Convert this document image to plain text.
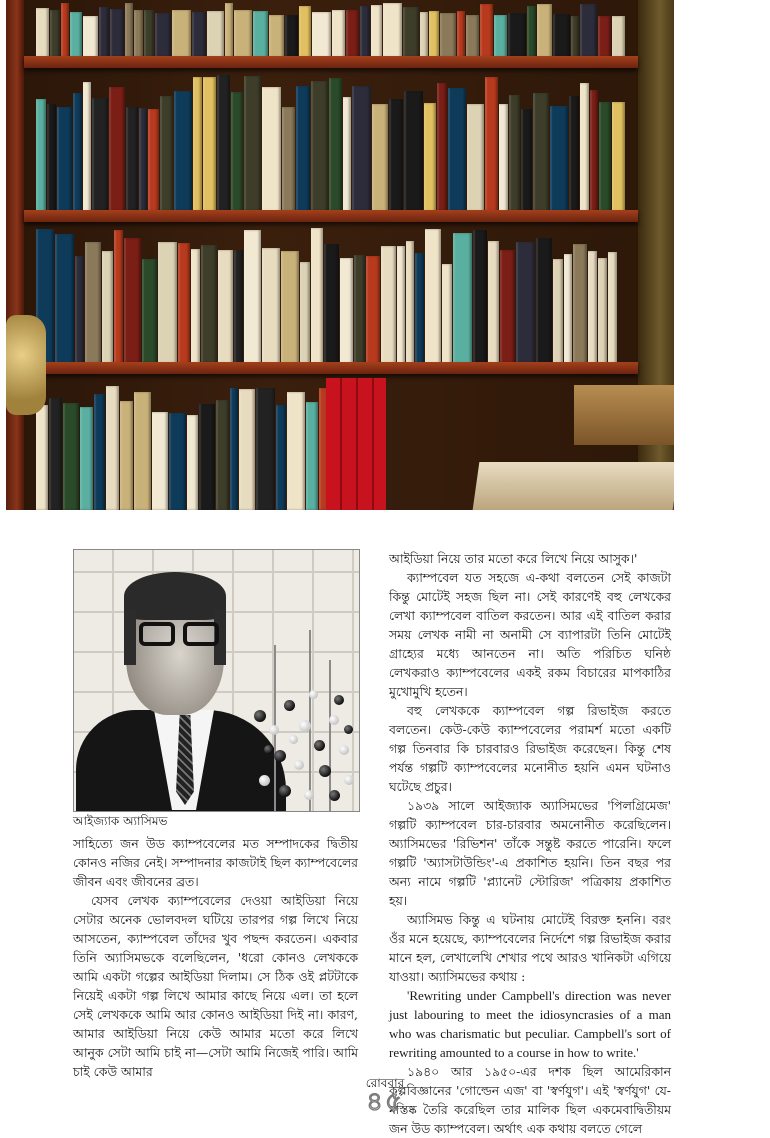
আইজ্যাক অ্যাসিমভ

সাহিত্যে জন উড ক্যাম্পবেলের মত সম্পাদকের দ্বিতীয় কোনও নজির নেই। সম্পাদনার কাজটাই ছিল ক্যাম্পবেলের জীবন এবং জীবনের ব্রত।

যেসব লেখক ক্যাম্পবেলের দেওয়া আইডিয়া নিয়ে সেটার অনেক ভোলবদল ঘটিয়ে তারপর গল্প লিখে নিয়ে আসতেন, ক্যাম্পবেল তাঁদের খুব পছন্দ করতেন। একবার তিনি অ্যাসিমভকে বলেছিলেন, 'ধরো কোনও লেখককে আমি একটা গল্পের আইডিয়া দিলাম। সে ঠিক ওই প্লটটাকে নিয়েই একটা গল্প লিখে আমার কাছে নিয়ে এল। তা হলে সেই লেখককে আমি আর কোনও আইডিয়া দিই না। কারণ, আমার আইডিয়া নিয়ে কেউ আমার মতো করে লিখে আনুক সেটা আমি চাই না—সেটা আমি নিজেই পারি। আমি চাই কেউ আমার

আইডিয়া নিয়ে তার মতো করে লিখে নিয়ে আসুক।'

ক্যাম্পবেল যত সহজে এ-কথা বলতেন সেই কাজটা কিন্তু মোটেই সহজ ছিল না। সেই কারণেই বহু লেখকের লেখা ক্যাম্পবেল বাতিল করতেন। আর এই বাতিল করার সময় লেখক নামী না অনামী সে ব্যাপারটা তিনি মোটেই গ্রাহ্যের মধ্যে আনতেন না। অতি পরিচিত ঘনিষ্ঠ লেখকরাও ক্যাম্পবেলের একই রকম বিচারের মাপকাঠির মুখোমুখি হতেন।

বহু লেখককে ক্যাম্পবেল গল্প রিভাইজ করতে বলতেন। কেউ-কেউ ক্যাম্পবেলের পরামর্শ মতো একটি গল্প তিনবার কি চারবারও রিভাইজ করেছেন। কিন্তু শেষ পর্যন্ত গল্পটি ক্যাম্পবেলের মনোনীত হয়নি এমন ঘটনাও ঘটেছে প্রচুর।

১৯৩৯ সালে আইজ্যাক অ্যাসিমভের 'পিলগ্রিমেজ' গল্পটি ক্যাম্পবেল চার-চারবার অমনোনীত করেছিলেন। অ্যাসিমভের 'রিভিশন' তাঁকে সন্তুষ্ট করতে পারেনি। ফলে গল্পটি 'অ্যাসটাউন্ডিং'-এ প্রকাশিত হয়নি। তিন বছর পর অন্য নামে গল্পটি 'প্ল্যানেট স্টোরিজ' পত্রিকায় প্রকাশিত হয়।

অ্যাসিমভ কিন্তু এ ঘটনায় মোটেই বিরক্ত হননি। বরং ওঁর মনে হয়েছে, ক্যাম্পবেলের নির্দেশে গল্প রিভাইজ করার মানে হল, লেখালেখি শেখার পথে আরও খানিকটা এগিয়ে যাওয়া। অ্যাসিমভের কথায় :

'Rewriting under Campbell's direction was never just labouring to meet the idiosyncrasies of a man who was charismatic but peculiar. Campbell's sort of rewriting amounted to a course in how to write.'

১৯৪০ আর ১৯৫০-এর দশক ছিল আমেরিকান কল্পবিজ্ঞানের 'গোল্ডেন এজ' বা 'স্বর্ণযুগ'। এই 'স্বর্ণযুগ' যে-মস্তিষ্ক তৈরি করেছিল তার মালিক ছিল একমেবাদ্বিতীয়ম জন উড ক্যাম্পবেল। অর্থাৎ এক কথায় বলতে গেলে

রোববার
৪৫
